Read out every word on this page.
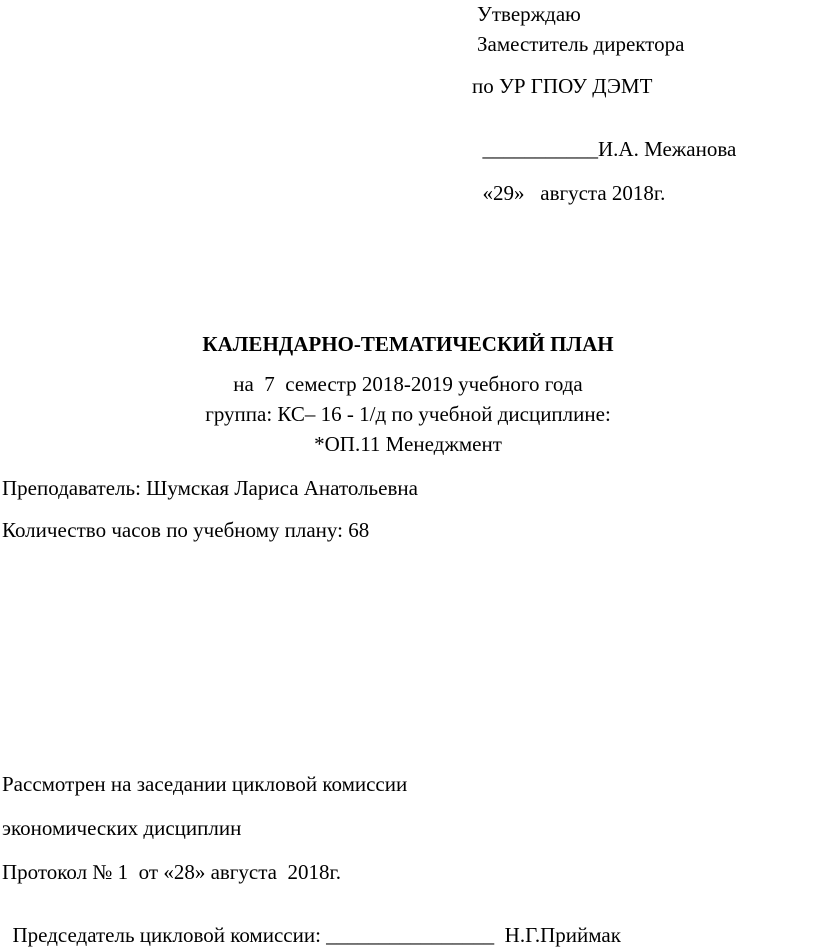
Утверждаю
Заместитель директора
по УР ГПОУ ДЭМТ

___________И.А. Межанова

«29» августа 2018г.

КАЛЕНДАРНО-ТЕМАТИЧЕСКИЙ ПЛАН
на  7  семестр 2018-2019 учебного года
группа: КС– 16 - 1/д по учебной дисциплине:
*ОП.11 Менеджмент
Преподаватель: Шумская Лариса Анатольевна
Количество часов по учебному плану: 68
Рассмотрен на заседании цикловой комиссии
экономических дисциплин
Протокол № 1  от «28» августа  2018г.

Председатель цикловой комиссии: ________________ Н.Г.Приймак
